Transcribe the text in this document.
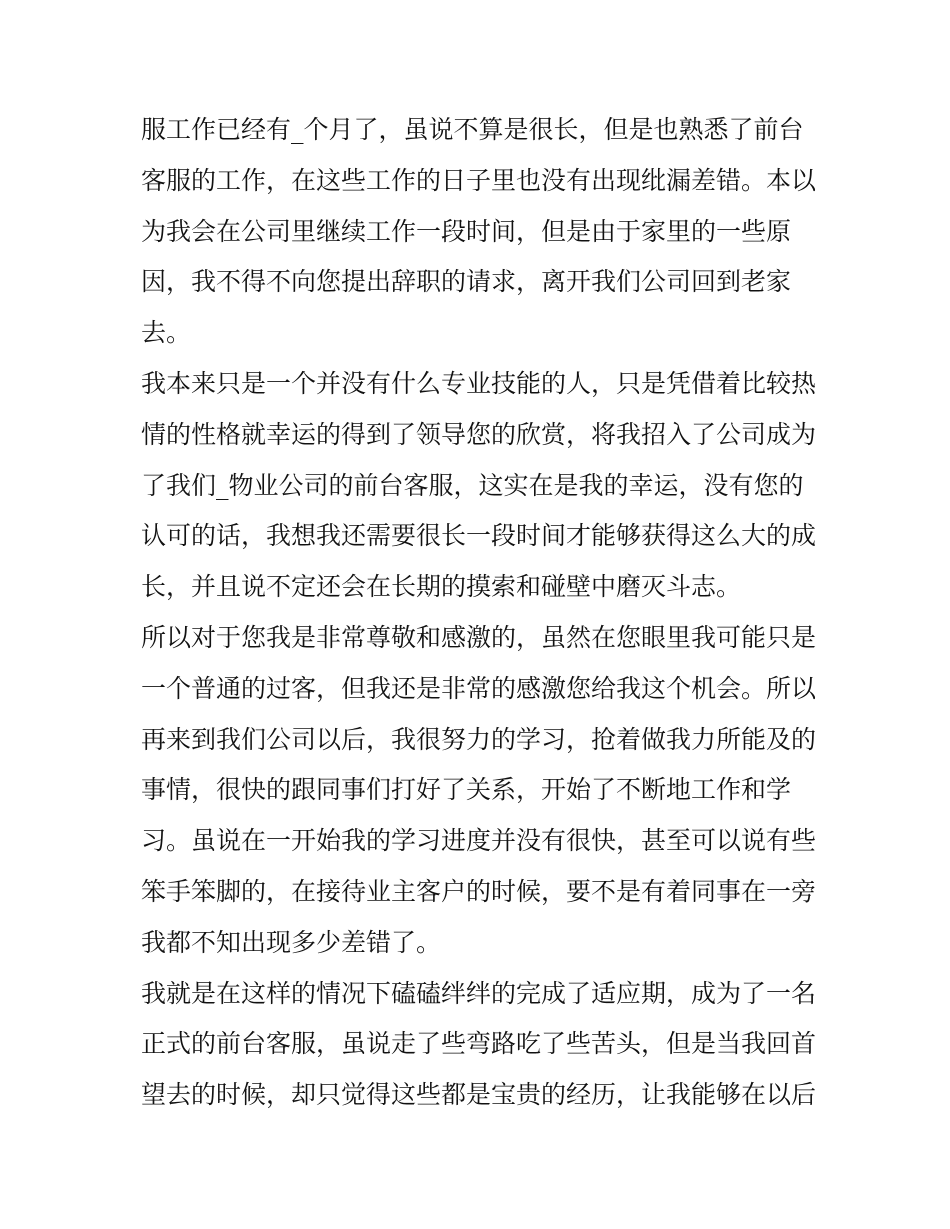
服工作已经有_个月了，虽说不算是很长，但是也熟悉了前台
客服的工作，在这些工作的日子里也没有出现纰漏差错。本以
为我会在公司里继续工作一段时间，但是由于家里的一些原
因，我不得不向您提出辞职的请求，离开我们公司回到老家
去。
我本来只是一个并没有什么专业技能的人，只是凭借着比较热
情的性格就幸运的得到了领导您的欣赏，将我招入了公司成为
了我们_物业公司的前台客服，这实在是我的幸运，没有您的
认可的话，我想我还需要很长一段时间才能够获得这么大的成
长，并且说不定还会在长期的摸索和碰壁中磨灭斗志。
所以对于您我是非常尊敬和感激的，虽然在您眼里我可能只是
一个普通的过客，但我还是非常的感激您给我这个机会。所以
再来到我们公司以后，我很努力的学习，抢着做我力所能及的
事情，很快的跟同事们打好了关系，开始了不断地工作和学
习。虽说在一开始我的学习进度并没有很快，甚至可以说有些
笨手笨脚的，在接待业主客户的时候，要不是有着同事在一旁
我都不知出现多少差错了。
我就是在这样的情况下磕磕绊绊的完成了适应期，成为了一名
正式的前台客服，虽说走了些弯路吃了些苦头，但是当我回首
望去的时候，却只觉得这些都是宝贵的经历，让我能够在以后
